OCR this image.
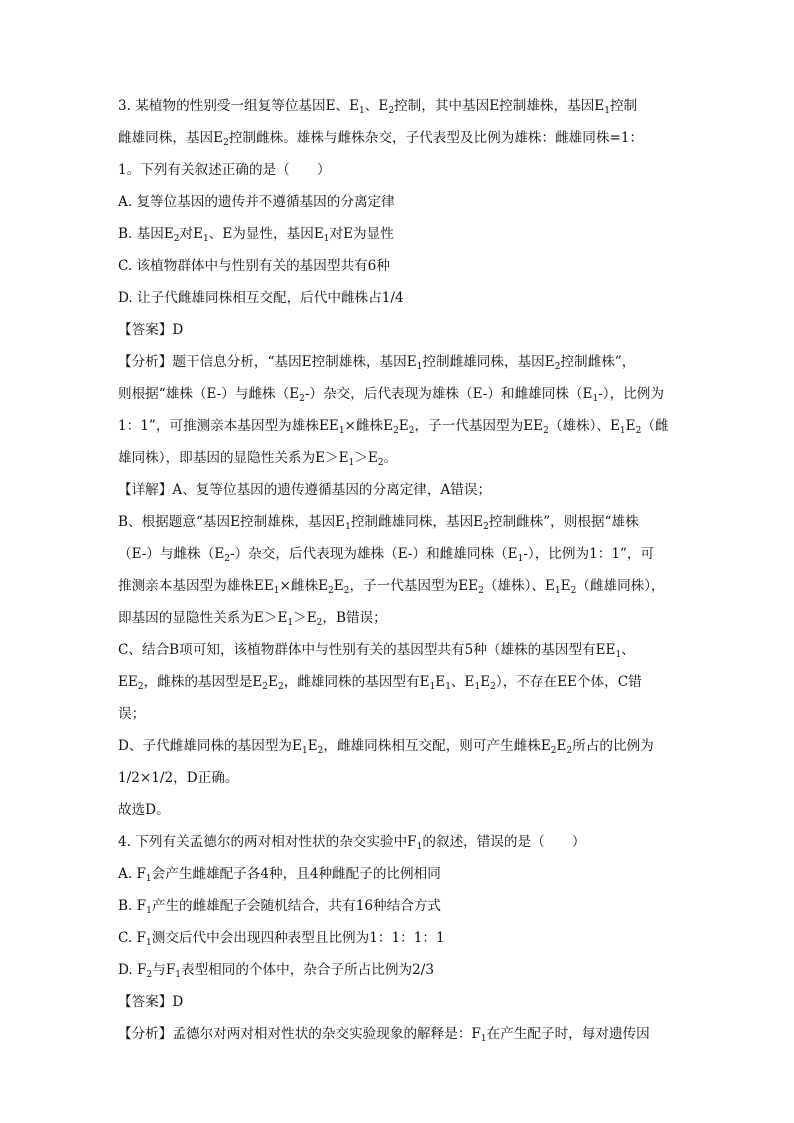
3. 某植物的性别受一组复等位基因E、$E_1$、$E_2$控制，其中基因E控制雄株，基因$E_1$控制
雌雄同株，基因$E_2$控制雌株。雄株与雌株杂交，子代表型及比例为雄株：雌雄同株=1：
1。下列有关叙述正确的是（　　）
A. 复等位基因的遗传并不遵循基因的分离定律
B. 基因$E_2$对$E_1$、E为显性，基因$E_1$对E为显性
C. 该植物群体中与性别有关的基因型共有6种
D. 让子代雌雄同株相互交配，后代中雌株占1/4
【答案】D
【分析】题干信息分析，“基因E控制雄株，基因$E_1$控制雌雄同株，基因$E_2$控制雌株”，
则根据“雄株（E-）与雌株$(E_2-)$杂交，后代表现为雄株（E-）和雌雄同株$(E_1-)$，比例为
1：1”，可推测亲本基因型为雄株$EE_1\times$雌株$E_2E_2$，子一代基因型为$EE_2$（雄株）、$E_1E_2$（雌
雄同株），即基因的显隐性关系为$E>E_1>E_2$。
【详解】A、复等位基因的遗传遵循基因的分离定律，A错误；
B、根据题意“基因E控制雄株，基因$E_1$控制雌雄同株，基因$E_2$控制雌株”，则根据“雄株
（E-）与雌株$(E_2-)$杂交，后代表现为雄株（E-）和雌雄同株$(E_1-)$，比例为1：1”，可
推测亲本基因型为雄株$EE_1\times$雌株$E_2E_2$，子一代基因型为$EE_2$（雄株）、$E_1E_2$（雌雄同株），
即基因的显隐性关系为$E>E_1>E_2$，B错误；
C、结合B项可知，该植物群体中与性别有关的基因型共有5种（雄株的基因型有$EE_1$、
$EE_2$，雌株的基因型是$E_2E_2$，雌雄同株的基因型有$E_1E_1$、$E_1E_2$），不存在EE个体，C错
误；
D、子代雌雄同株的基因型为$E_1E_2$，雌雄同株相互交配，则可产生雌株$E_2E_2$所占的比例为
1/2×1/2，D正确。
故选D。
4. 下列有关孟德尔的两对相对性状的杂交实验中$F_1$的叙述，错误的是（　　）
A. $F_1$会产生雌雄配子各4种，且4种雌配子的比例相同
B. $F_1$产生的雌雄配子会随机结合，共有16种结合方式
C. $F_1$测交后代中会出现四种表型且比例为1：1：1：1
D. $F_2$与$F_1$表型相同的个体中，杂合子所占比例为2/3
【答案】D
【分析】孟德尔对两对相对性状的杂交实验现象的解释是：$F_1$在产生配子时，每对遗传因
